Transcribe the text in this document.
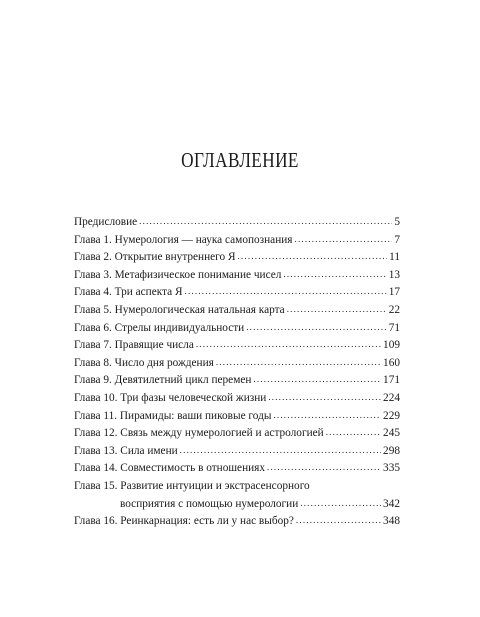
ОГЛАВЛЕНИЕ
Предисловие .....	5
Глава 1. Нумерология — наука самопознания .....	7
Глава 2. Открытие внутреннего Я .....	11
Глава 3. Метафизическое понимание чисел .....	13
Глава 4. Три аспекта Я .....	17
Глава 5. Нумерологическая натальная карта .....	22
Глава 6. Стрелы индивидуальности .....	71
Глава 7. Правящие числа .....	109
Глава 8. Число дня рождения .....	160
Глава 9. Девятилетний цикл перемен .....	171
Глава 10. Три фазы человеческой жизни .....	224
Глава 11. Пирамиды: ваши пиковые годы .....	229
Глава 12. Связь между нумерологией и астрологией .....	245
Глава 13. Сила имени .....	298
Глава 14. Совместимость в отношениях .....	335
Глава 15. Развитие интуиции и экстрасенсорного
восприятия с помощью нумерологии .....	342
Глава 16. Реинкарнация: есть ли у нас выбор? .....	348
